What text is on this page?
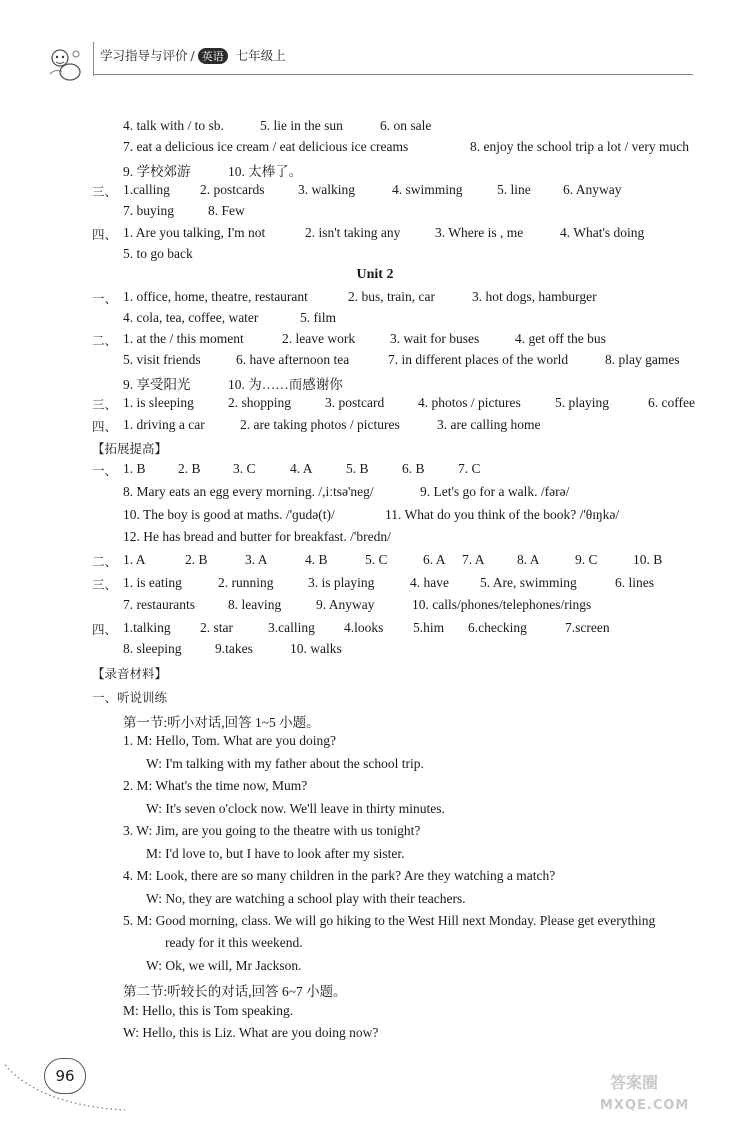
学习指导与评价 / 英语 七年级上
4. talk with / to sb.	5. lie in the sun	6. on sale
7. eat a delicious ice cream / eat delicious ice creams	8. enjoy the school trip a lot / very much
9. 学校郊游	10. 太棒了。
三、 1.calling 2. postcards 3. walking	4. swimming	5. line 6. Anyway
7. buying	8. Few
四、 1. Are you talking, I'm not	2. isn't taking any	3. Where is , me	4. What's doing
5. to go back
Unit 2
一、 1. office, home, theatre, restaurant	2. bus, train, car	3. hot dogs, hamburger
4. cola, tea, coffee, water	5. film
二、 1. at the / this moment	2. leave work	3. wait for buses	4. get off the bus
5. visit friends	6. have afternoon tea	7. in different places of the world	8. play games
9. 享受阳光	10. 为……而感谢你
三、 1. is sleeping	2. shopping	3. postcard	4. photos / pictures	5. playing	6. coffee
四、 1. driving a car	2. are taking photos / pictures	3. are calling home
【拓展提高】
一、 1. B 2. B 3. C	4. A 5. B 6. B 7. C
8. Mary eats an egg every morning. /,iːtsə'neg/	9. Let's go for a walk. /fərə/
10. The boy is good at maths. /'ɡudə(t)/	11. What do you think of the book? /'θɪŋkə/
12. He has bread and butter for breakfast. /'bredn/
二、 1. A	2. B	3. A	4. B	5. C	6. A 7. A 8. A	9. C	10. B
三、 1. is eating	2. running	3. is playing	4. have 5. Are, swimming	6. lines
7. restaurants 8. leaving	9. Anyway	10. calls/phones/telephones/rings
四、 1.talking 2. star	3.calling 4.looks 5.him 6.checking	7.screen
8. sleeping 9.takes	10. walks
【录音材料】
一、听说训练
第一节:听小对话,回答 1~5 小题。
1. M: Hello, Tom. What are you doing?
W: I'm talking with my father about the school trip.
2. M: What's the time now, Mum?
W: It's seven o'clock now. We'll leave in thirty minutes.
3. W: Jim, are you going to the theatre with us tonight?
M: I'd love to, but I have to look after my sister.
4. M: Look, there are so many children in the park? Are they watching a match?
W: No, they are watching a school play with their teachers.
5. M: Good morning, class. We will go hiking to the West Hill next Monday. Please get everything
ready for it this weekend.
W: Ok, we will, Mr Jackson.
第二节:听较长的对话,回答 6~7 小题。
M: Hello, this is Tom speaking.
W: Hello, this is Liz. What are you doing now?
96	答案圈
MXQE.COM
